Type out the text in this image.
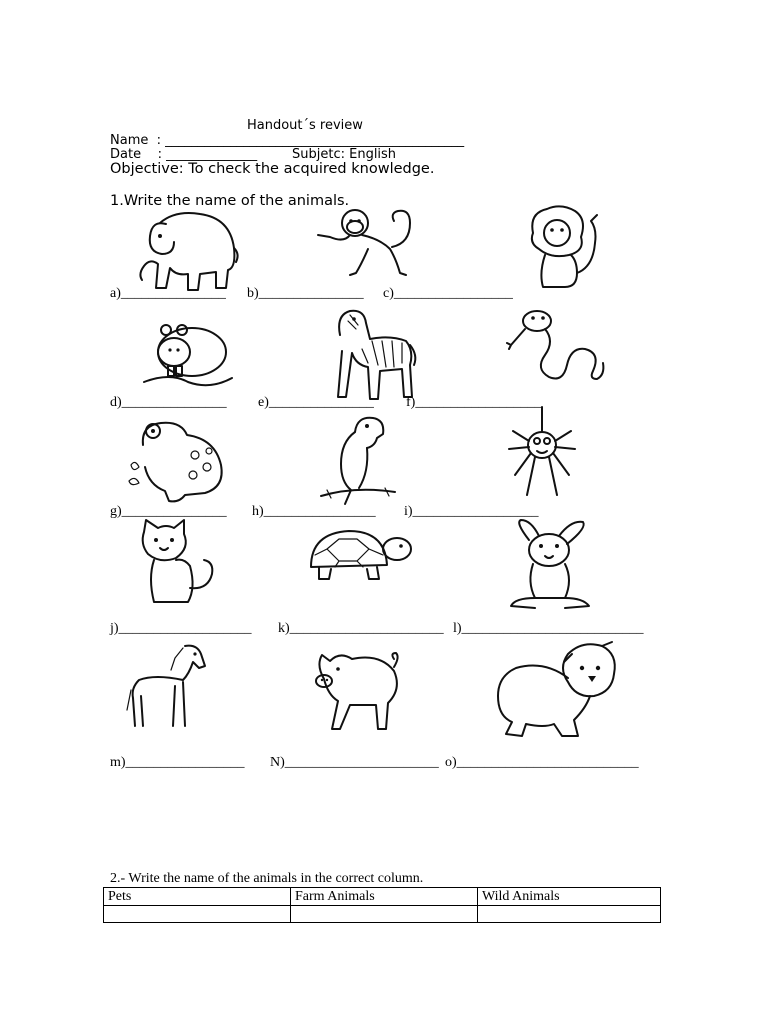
Handout´s review
Name  : ______________________________________________
Date    : ______________	Subjetc: English
Objective: To check the acquired knowledge.
1.Write the name of the animals.
a)_______________ b)_______________ c)_________________
d)_______________ e)_______________ f)__________________
g)_______________ h)________________ i)__________________
j)___________________ k)______________________ l)__________________________
m)_________________ N)______________________ o)__________________________
2.- Write the name of the animals in the correct column.
Pets	Farm Animals	Wild Animals
